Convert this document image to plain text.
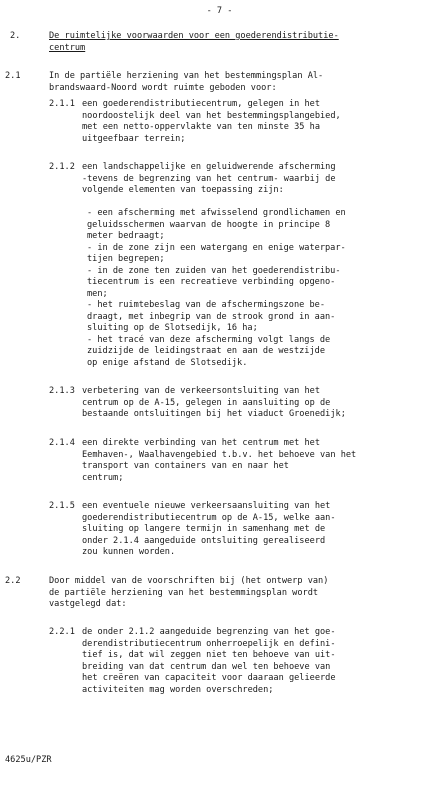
- 7 -
2.	De ruimtelijke voorwaarden voor een goederendistributie-
centrum
2.1	In de partiële herziening van het bestemmingsplan Al-
brandswaard-Noord wordt ruimte geboden voor:
2.1.1 een goederendistributiecentrum, gelegen in het
noordoostelijk deel van het bestemmingsplangebied,
met een netto-oppervlakte van ten minste 35 ha
uitgeefbaar terrein;
2.1.2 een landschappelijke en geluidwerende afscherming
-tevens de begrenzing van het centrum- waarbij de
volgende elementen van toepassing zijn:
- een afscherming met afwisselend grondlichamen en
geluidsschermen waarvan de hoogte in principe 8
meter bedraagt;
- in de zone zijn een watergang en enige waterpar-
tijen begrepen;
- in de zone ten zuiden van het goederendistribu-
tiecentrum is een recreatieve verbinding opgeno-
men;
- het ruimtebeslag van de afschermingszone be-
draagt, met inbegrip van de strook grond in aan-
sluiting op de Slotsedijk, 16 ha;
- het tracé van deze afscherming volgt langs de
zuidzijde de leidingstraat en aan de westzijde
op enige afstand de Slotsedijk.
2.1.3 verbetering van de verkeersontsluiting van het
centrum op de A-15, gelegen in aansluiting op de
bestaande ontsluitingen bij het viaduct Groenedijk;
2.1.4 een direkte verbinding van het centrum met het
Eemhaven-, Waalhavengebied t.b.v. het behoeve van het
transport van containers van en naar het
centrum;
2.1.5 een eventuele nieuwe verkeersaansluiting van het
goederendistributiecentrum op de A-15, welke aan-
sluiting op langere termijn in samenhang met de
onder 2.1.4 aangeduide ontsluiting gerealiseerd
zou kunnen worden.
2.2	Door middel van de voorschriften bij (het ontwerp van)
de partiële herziening van het bestemmingsplan wordt
vastgelegd dat:
2.2.1 de onder 2.1.2 aangeduide begrenzing van het goe-
derendistributiecentrum onherroepelijk en defini-
tief is, dat wil zeggen niet ten behoeve van uit-
breiding van dat centrum dan wel ten behoeve van
het creëren van capaciteit voor daaraan gelieerde
activiteiten mag worden overschreden;
4625u/PZR
